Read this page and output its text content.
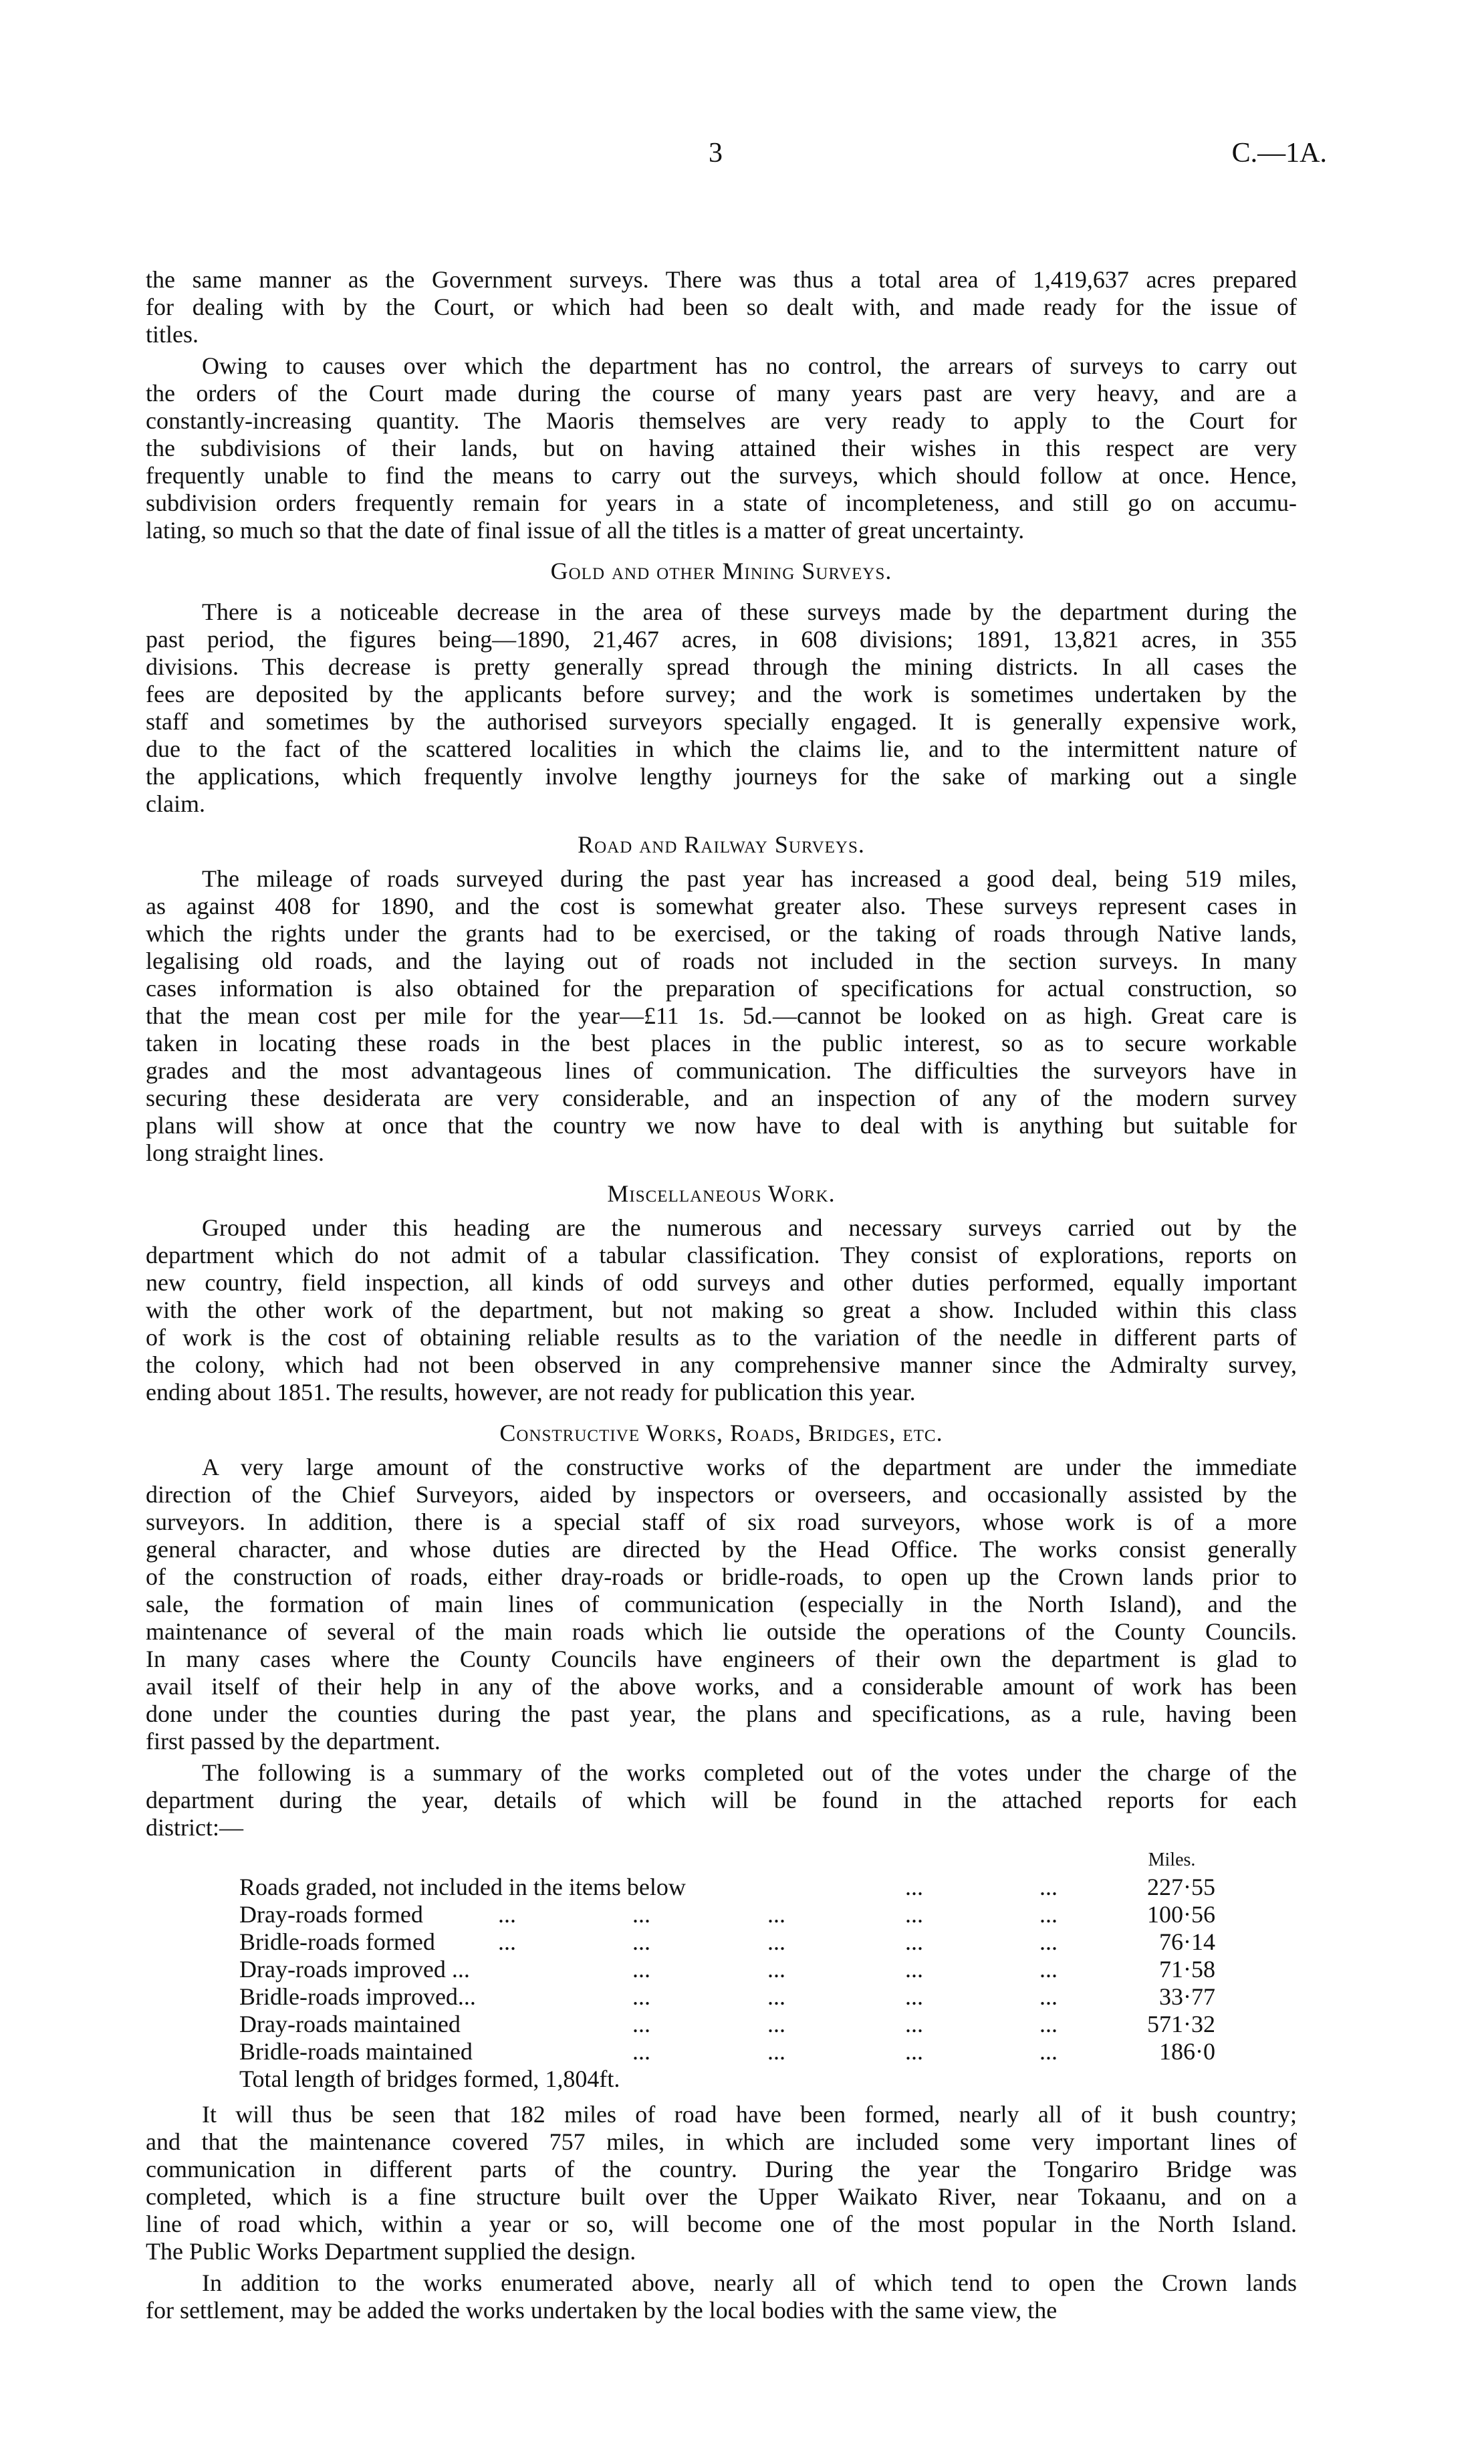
3	C.—1A.
the same manner as the Government surveys. There was thus a total area of 1,419,637 acres prepared
for dealing with by the Court, or which had been so dealt with, and made ready for the issue of
titles.
Owing to causes over which the department has no control, the arrears of surveys to carry out
the orders of the Court made during the course of many years past are very heavy, and are a
constantly-increasing quantity. The Maoris themselves are very ready to apply to the Court for
the subdivisions of their lands, but on having attained their wishes in this respect are very
frequently unable to find the means to carry out the surveys, which should follow at once. Hence,
subdivision orders frequently remain for years in a state of incompleteness, and still go on accumu-
lating, so much so that the date of final issue of all the titles is a matter of great uncertainty.
Gold and other Mining Surveys.
There is a noticeable decrease in the area of these surveys made by the department during the
past period, the figures being—1890, 21,467 acres, in 608 divisions; 1891, 13,821 acres, in 355
divisions. This decrease is pretty generally spread through the mining districts. In all cases the
fees are deposited by the applicants before survey; and the work is sometimes undertaken by the
staff and sometimes by the authorised surveyors specially engaged. It is generally expensive work,
due to the fact of the scattered localities in which the claims lie, and to the intermittent nature of
the applications, which frequently involve lengthy journeys for the sake of marking out a single
claim.
Road and Railway Surveys.
The mileage of roads surveyed during the past year has increased a good deal, being 519 miles,
as against 408 for 1890, and the cost is somewhat greater also. These surveys represent cases in
which the rights under the grants had to be exercised, or the taking of roads through Native lands,
legalising old roads, and the laying out of roads not included in the section surveys. In many
cases information is also obtained for the preparation of specifications for actual construction, so
that the mean cost per mile for the year—£11 1s. 5d.—cannot be looked on as high. Great care is
taken in locating these roads in the best places in the public interest, so as to secure workable
grades and the most advantageous lines of communication. The difficulties the surveyors have in
securing these desiderata are very considerable, and an inspection of any of the modern survey
plans will show at once that the country we now have to deal with is anything but suitable for
long straight lines.
Miscellaneous Work.
Grouped under this heading are the numerous and necessary surveys carried out by the
department which do not admit of a tabular classification. They consist of explorations, reports on
new country, field inspection, all kinds of odd surveys and other duties performed, equally important
with the other work of the department, but not making so great a show. Included within this class
of work is the cost of obtaining reliable results as to the variation of the needle in different parts of
the colony, which had not been observed in any comprehensive manner since the Admiralty survey,
ending about 1851. The results, however, are not ready for publication this year.
Constructive Works, Roads, Bridges, etc.
A very large amount of the constructive works of the department are under the immediate
direction of the Chief Surveyors, aided by inspectors or overseers, and occasionally assisted by the
surveyors. In addition, there is a special staff of six road surveyors, whose work is of a more
general character, and whose duties are directed by the Head Office. The works consist generally
of the construction of roads, either dray-roads or bridle-roads, to open up the Crown lands prior to
sale, the formation of main lines of communication (especially in the North Island), and the
maintenance of several of the main roads which lie outside the operations of the County Councils.
In many cases where the County Councils have engineers of their own the department is glad to
avail itself of their help in any of the above works, and a considerable amount of work has been
done under the counties during the past year, the plans and specifications, as a rule, having been
first passed by the department.
The following is a summary of the works completed out of the votes under the charge of the
department during the year, details of which will be found in the attached reports for each
district:—
It will thus be seen that 182 miles of road have been formed, nearly all of it bush country;
and that the maintenance covered 757 miles, in which are included some very important lines of
communication in different parts of the country. During the year the Tongariro Bridge was
completed, which is a fine structure built over the Upper Waikato River, near Tokaanu, and on a
line of road which, within a year or so, will become one of the most popular in the North Island.
The Public Works Department supplied the design.
In addition to the works enumerated above, nearly all of which tend to open the Crown lands
for settlement, may be added the works undertaken by the local bodies with the same view, the
Miles.
Roads graded, not included in the items below	...	...	227·55
Dray-roads formed	...	...	...	...	...	100·56
Bridle-roads formed	...	...	...	...	...	76·14
Dray-roads improved ...	...	...	...	...	71·58
Bridle-roads improved...	...	...	...	...	33·77
Dray-roads maintained	...	...	...	...	571·32
Bridle-roads maintained	...	...	...	...	186·0
Total length of bridges formed, 1,804ft.
